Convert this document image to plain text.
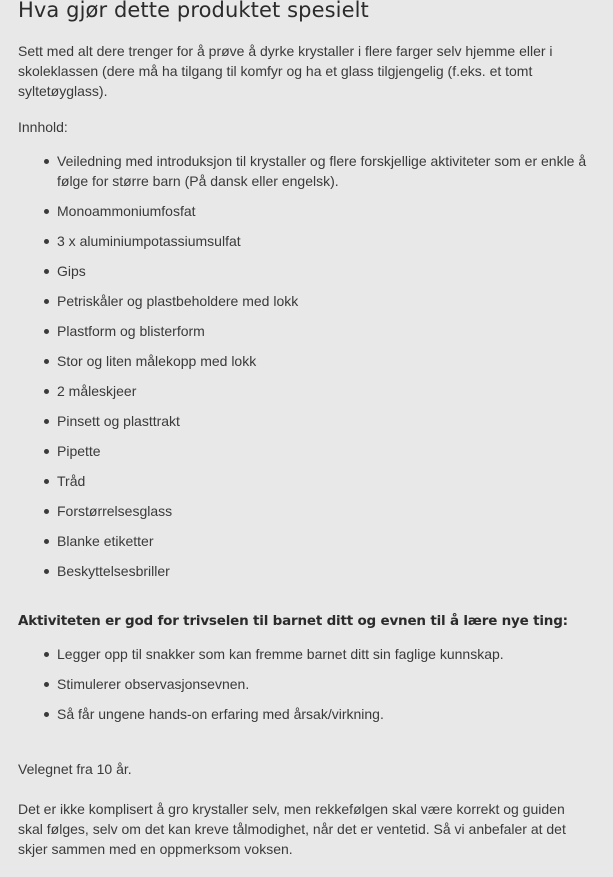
Hva gjør dette produktet spesielt

Sett med alt dere trenger for å prøve å dyrke krystaller i flere farger selv hjemme eller i skoleklassen (dere må ha tilgang til komfyr og ha et glass tilgjengelig (f.eks. et tomt syltetøyglass).

Innhold:

Veiledning med introduksjon til krystaller og flere forskjellige aktiviteter som er enkle å følge for større barn (På dansk eller engelsk).
Monoammoniumfosfat
3 x aluminiumpotassiumsulfat
Gips
Petriskåler og plastbeholdere med lokk
Plastform og blisterform
Stor og liten målekopp med lokk
2 måleskjeer
Pinsett og plasttrakt
Pipette
Tråd
Forstørrelsesglass
Blanke etiketter
Beskyttelsesbriller
Aktiviteten er god for trivselen til barnet ditt og evnen til å lære nye ting:
Legger opp til snakker som kan fremme barnet ditt sin faglige kunnskap.
Stimulerer observasjonsevnen.
Så får ungene hands-on erfaring med årsak/virkning.

Velegnet fra 10 år.

Det er ikke komplisert å gro krystaller selv, men rekkefølgen skal være korrekt og guiden skal følges, selv om det kan kreve tålmodighet, når det er ventetid. Så vi anbefaler at det skjer sammen med en oppmerksom voksen.
